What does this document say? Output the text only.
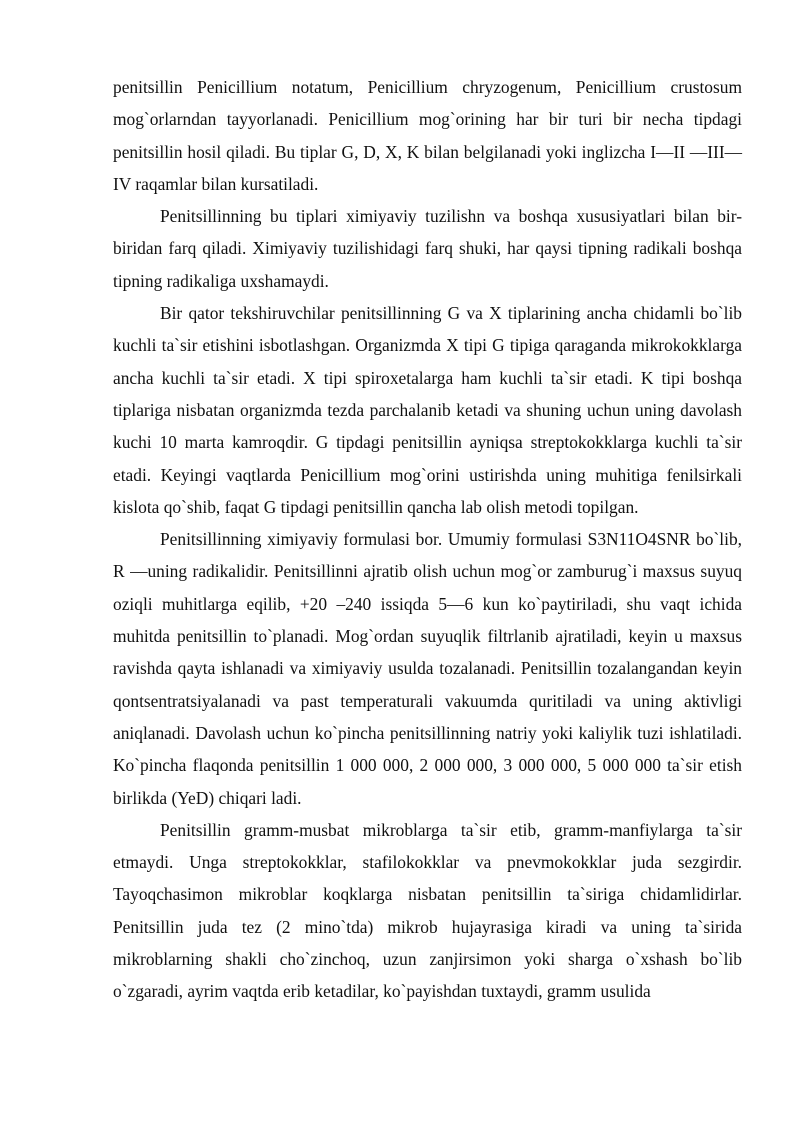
penitsillin Penicillium notatum, Penicillium chryzogenum, Penicillium crustosum mog`orlarndan tayyorlanadi. Penicillium mog`orining har bir turi bir necha tipdagi penitsillin hosil qiladi. Bu tiplar G, D, X, K bilan belgilanadi yoki inglizcha I—II —III—IV raqamlar bilan kursatiladi.

Penitsillinning bu tiplari ximiyaviy tuzilishn va boshqa xususiyatlari bilan bir-biridan farq qiladi. Ximiyaviy tuzilishidagi farq shuki, har qaysi tipning radikali boshqa tipning radikaliga uxshamaydi.

Bir qator tekshiruvchilar penitsillinning G va X tiplarining ancha chidamli bo`lib kuchli ta`sir etishini isbotlashgan. Organizmda X tipi G tipiga qaraganda mikrokokklarga ancha kuchli ta`sir etadi. X tipi spiroxetalarga ham kuchli ta`sir etadi. K tipi boshqa tiplariga nisbatan organizmda tezda parchalanib ketadi va shuning uchun uning davolash kuchi 10 marta kamroqdir. G tipdagi penitsillin ayniqsa streptokokklarga kuchli ta`sir etadi. Keyingi vaqtlarda Penicillium mog`orini ustirishda uning muhitiga fenilsirkali kislota qo`shib, faqat G tipdagi penitsillin qancha lab olish metodi topilgan.

Penitsillinning ximiyaviy formulasi bor. Umumiy formulasi S3N11O4SNR bo`lib, R —uning radikalidir. Penitsillinni ajratib olish uchun mog`or zamburug`i maxsus suyuq oziqli muhitlarga eqilib, +20 –240 issiqda 5—6 kun ko`paytiriladi, shu vaqt ichida muhitda penitsillin to`planadi. Mog`ordan suyuqlik filtrlanib ajratiladi, keyin u maxsus ravishda qayta ishlanadi va ximiyaviy usulda tozalanadi. Penitsillin tozalangandan keyin qontsentratsiyalanadi va past temperaturali vakuumda quritiladi va uning aktivligi aniqlanadi. Davolash uchun ko`pincha penitsillinning natriy yoki kaliylik tuzi ishlatiladi. Ko`pincha flaqonda penitsillin 1 000 000, 2 000 000, 3 000 000, 5 000 000 ta`sir etish birlikda (YeD) chiqari ladi.

Penitsillin gramm-musbat mikroblarga ta`sir etib, gramm-manfiylarga ta`sir etmaydi. Unga streptokokklar, stafilokokklar va pnevmokokklar juda sezgirdir. Tayoqchasimon mikroblar koqklarga nisbatan penitsillin ta`siriga chidamlidirlar. Penitsillin juda tez (2 mino`tda) mikrob hujayrasiga kiradi va uning ta`sirida mikroblarning shakli cho`zinchoq, uzun zanjirsimon yoki sharga o`xshash bo`lib o`zgaradi, ayrim vaqtda erib ketadilar, ko`payishdan tuxtaydi, gramm usulida
